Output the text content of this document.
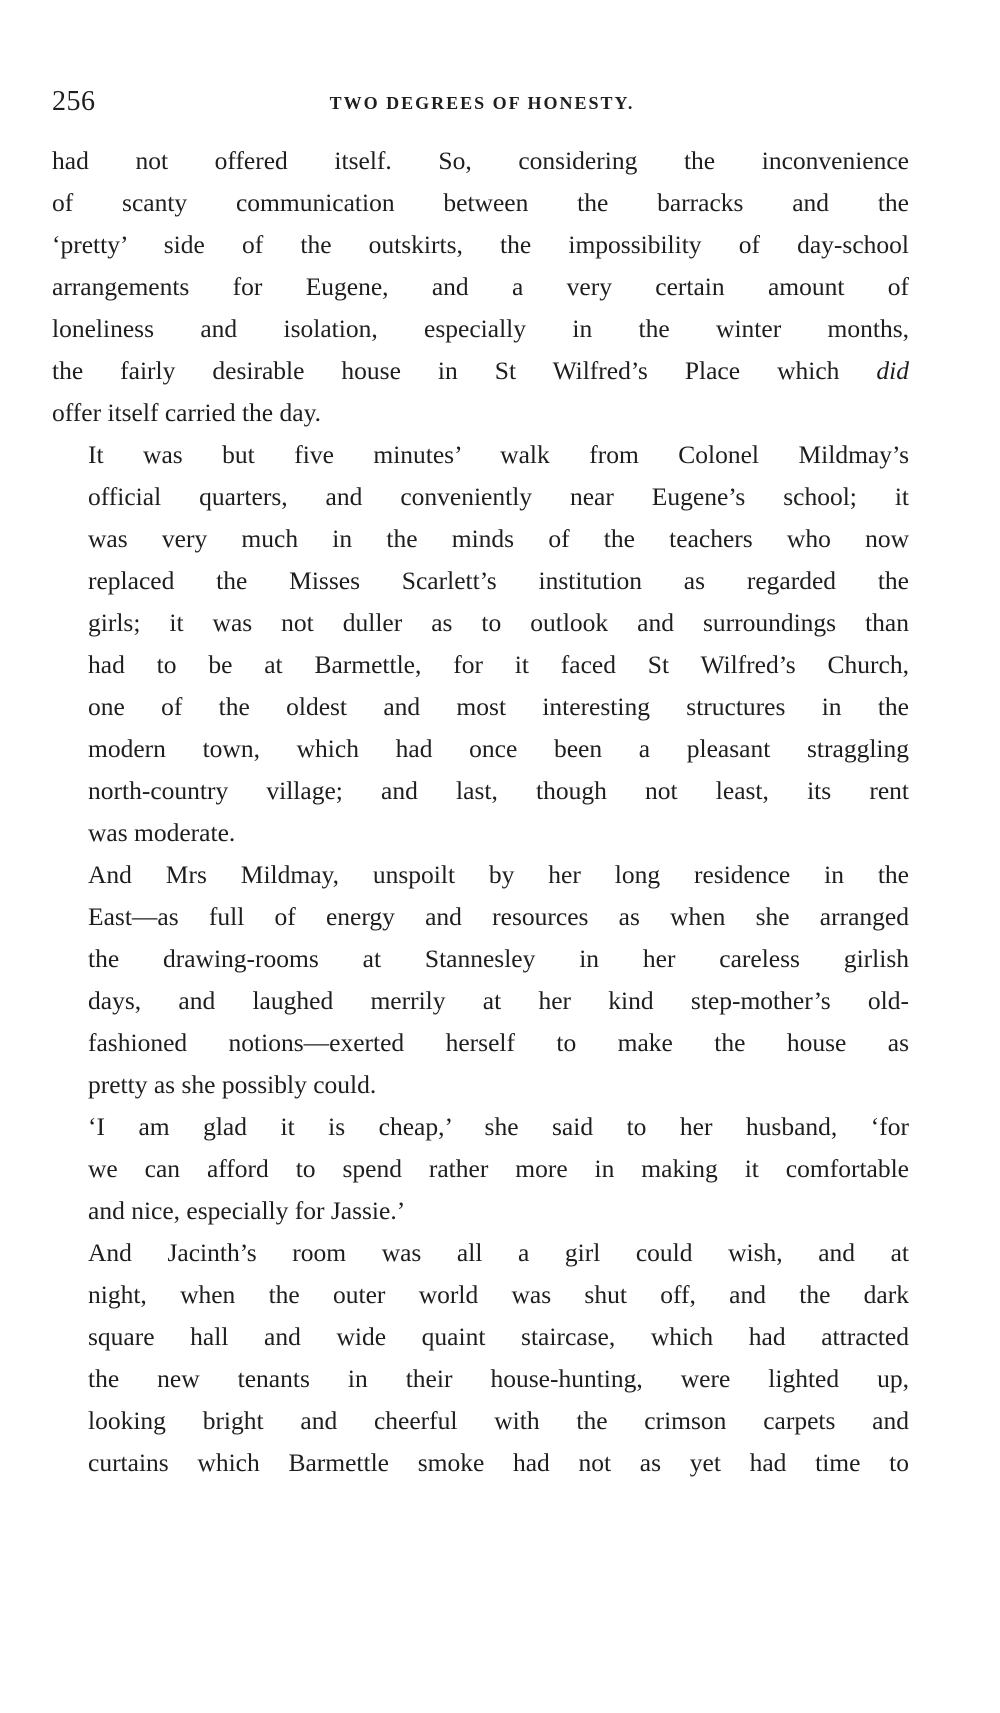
256	TWO DEGREES OF HONESTY.

had not offered itself. So, considering the inconvenience
of scanty communication between the barracks and the
‘pretty’ side of the outskirts, the impossibility of day-school
arrangements for Eugene, and a very certain amount of
loneliness and isolation, especially in the winter months,
the fairly desirable house in St Wilfred’s Place which did
offer itself carried the day.

It was but five minutes’ walk from Colonel Mildmay’s
official quarters, and conveniently near Eugene’s school; it
was very much in the minds of the teachers who now
replaced the Misses Scarlett’s institution as regarded the
girls; it was not duller as to outlook and surroundings than
had to be at Barmettle, for it faced St Wilfred’s Church,
one of the oldest and most interesting structures in the
modern town, which had once been a pleasant straggling
north-country village; and last, though not least, its rent
was moderate.

And Mrs Mildmay, unspoilt by her long residence in the
East—as full of energy and resources as when she arranged
the drawing-rooms at Stannesley in her careless girlish
days, and laughed merrily at her kind step-mother’s old-
fashioned notions—exerted herself to make the house as
pretty as she possibly could.

‘I am glad it is cheap,’ she said to her husband, ‘for
we can afford to spend rather more in making it comfortable
and nice, especially for Jassie.’

And Jacinth’s room was all a girl could wish, and at
night, when the outer world was shut off, and the dark
square hall and wide quaint staircase, which had attracted
the new tenants in their house-hunting, were lighted up,
looking bright and cheerful with the crimson carpets and
curtains which Barmettle smoke had not as yet had time to
